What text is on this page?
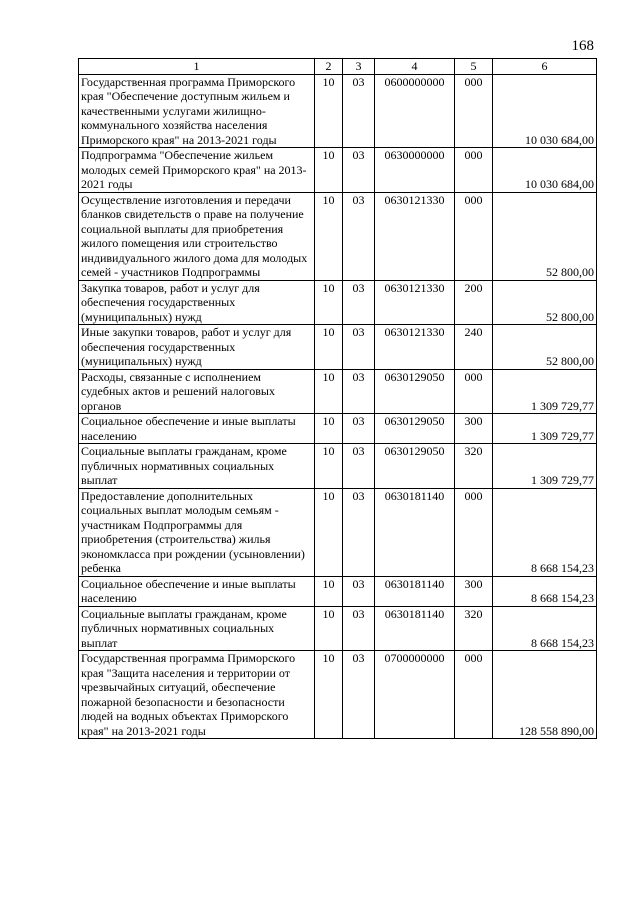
168
1	2	3	4	5	6
Государственная программа Приморского края "Обеспечение доступным жильем и качественными услугами жилищно-коммунального хозяйства населения Приморского края" на 2013-2021 годы	10	03	0600000000	000	10 030 684,00
Подпрограмма "Обеспечение жильем молодых семей Приморского края" на 2013-2021 годы	10	03	0630000000	000	10 030 684,00
Осуществление изготовления и передачи бланков свидетельств о праве на получение социальной выплаты для приобретения жилого помещения или строительство индивидуального жилого дома для молодых семей - участников Подпрограммы	10	03	0630121330	000	52 800,00
Закупка товаров, работ и услуг для обеспечения государственных (муниципальных) нужд	10	03	0630121330	200	52 800,00
Иные закупки товаров, работ и услуг для обеспечения государственных (муниципальных) нужд	10	03	0630121330	240	52 800,00
Расходы, связанные с исполнением судебных актов и решений налоговых органов	10	03	0630129050	000	1 309 729,77
Социальное обеспечение и иные выплаты населению	10	03	0630129050	300	1 309 729,77
Социальные выплаты гражданам, кроме публичных нормативных социальных выплат	10	03	0630129050	320	1 309 729,77
Предоставление дополнительных социальных выплат молодым семьям - участникам Подпрограммы для приобретения (строительства) жилья экономкласса при рождении (усыновлении) ребенка	10	03	0630181140	000	8 668 154,23
Социальное обеспечение и иные выплаты населению	10	03	0630181140	300	8 668 154,23
Социальные выплаты гражданам, кроме публичных нормативных социальных выплат	10	03	0630181140	320	8 668 154,23
Государственная программа Приморского края "Защита населения и территории от чрезвычайных ситуаций, обеспечение пожарной безопасности и безопасности людей на водных объектах Приморского края" на 2013-2021 годы	10	03	0700000000	000	128 558 890,00
